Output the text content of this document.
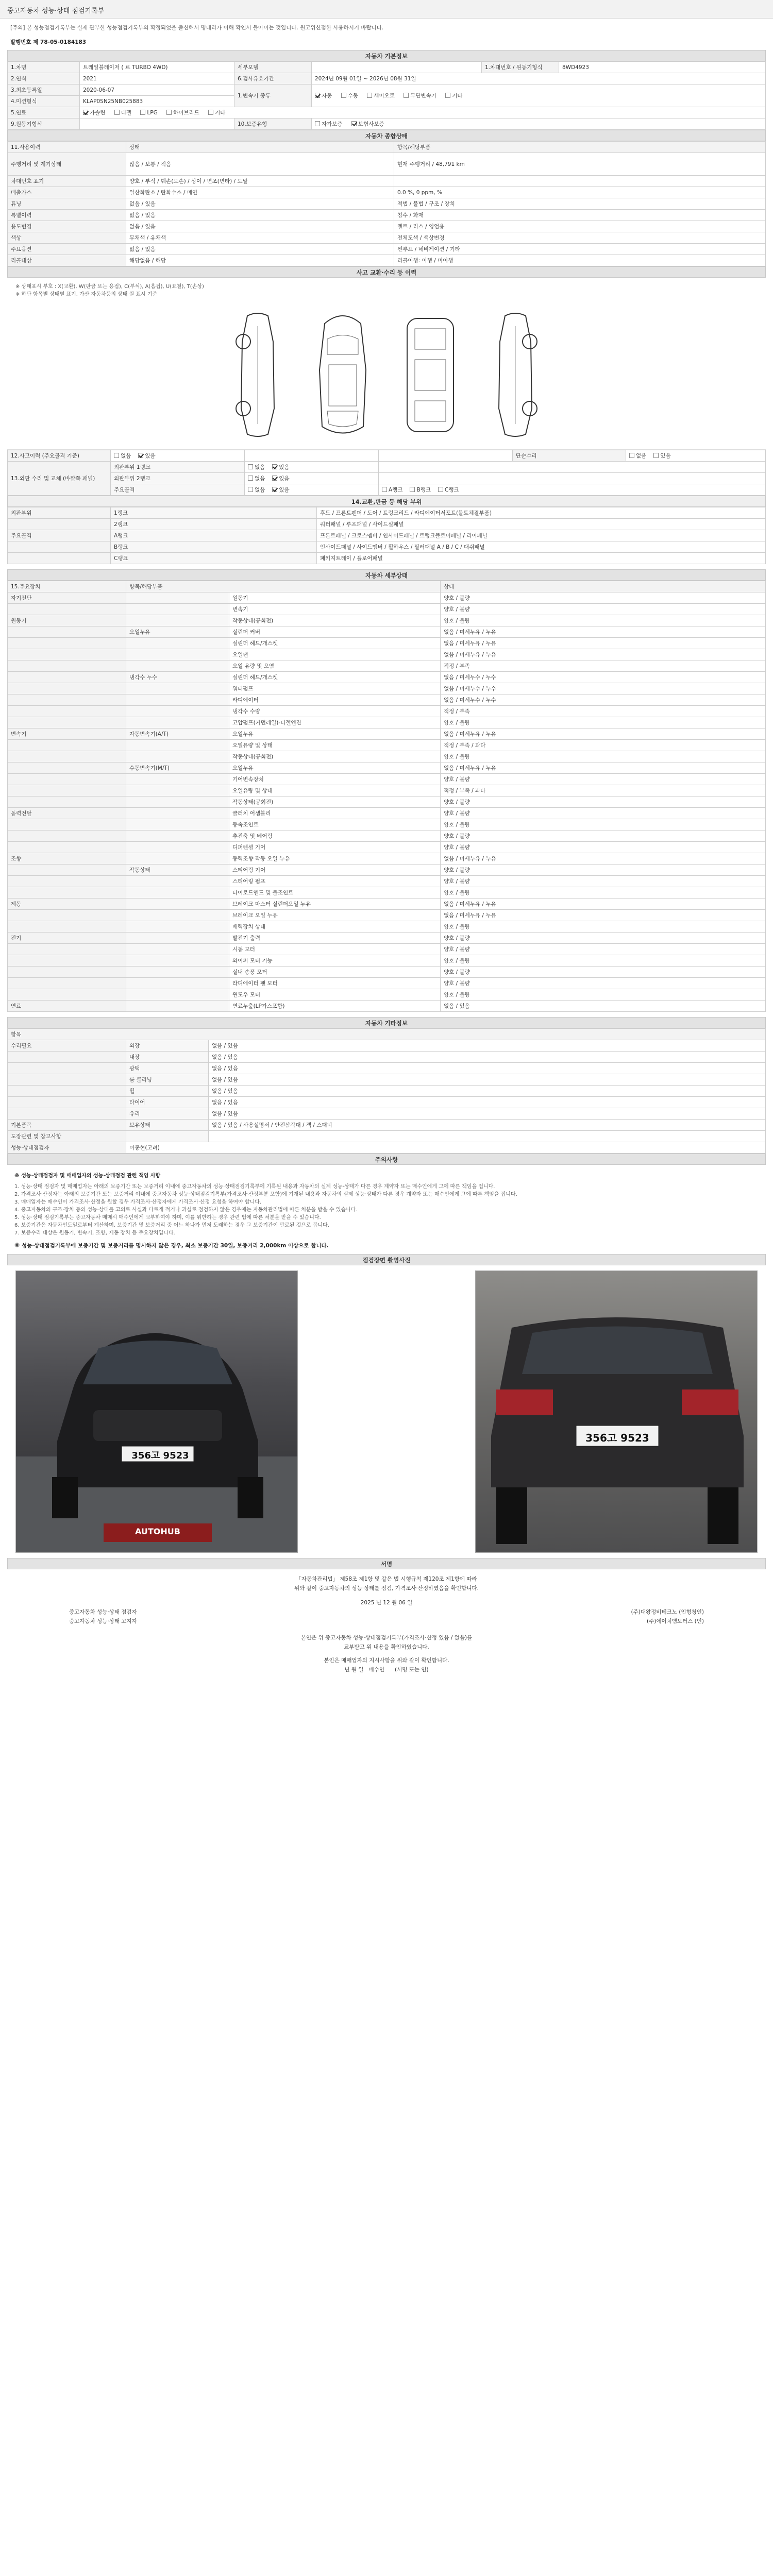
중고자동차 성능·상태 점검기록부
[주의] 본 성능점검기록부는 실제 관부한 성능점검기록부의 확정되었을 출신해서 명대리가 이해 확인서 돌아이는 것입니다. 원고위신점한 사용하시기 바랍니다.
발행번호 제 78-05-0184183
자동차 기본정보
1.차명	트레일블레이저 ( 르 TURBO 4WD)	세부모델		1.차대번호 / 원동기형식	8WD4923
2.연식	2021	6.검사유효기간	2024년 09월 01일 ~ 2026년 08월 31일		
3.최초등록일	2020-06-07	1.변속기 종류	자동 수동 세미오토 무단변속기 기타		
4.미션형식	KLAP0SN25NB025883				
5.연료	가솔린 디젤 LPG 하이브리드 기타				
9.원동기형식		10.보증유형	자가보증 보험사보증		
자동차 종합상태
11.사용이력	상태	항목/해당부품
주행거리 및 계기상태	많음 / 보통 / 적음	현재 주행거리 / 48,791 km
차대번호 표기	양호 / 부식 / 훼손(오손) / 상이 / 변조(변타) / 도말	
배출가스	일산화탄소 / 탄화수소 / 매연	0.0 %, 0 ppm, %
튜닝	없음 / 있음	적법 / 불법 / 구조 / 장치
특별이력	없음 / 있음	침수 / 화재
용도변경	없음 / 있음	렌트 / 리스 / 영업용
색상	무채색 / 유채색	전체도색 / 색상변경
주요옵션	없음 / 있음	썬루프 / 네비게이션 / 기타
리콜대상	해당없음 / 해당	리콜이행: 이행 / 미이행
사고 교환·수리 등 이력
※ 상태표시 부호 : X(교환), W(판금 또는 용접), C(부식), A(흠집), U(요철), T(손상)
※ 하단 항목별 상태별 표기. 가산 자동차등의 상태 원 표시 기준
12.사고이력 (주요골격 기준)	없음 있음			단순수리	없음 있음
13.외판 수리 및 교체 (바깥쪽 패널)	외판부위 1랭크	없음 있음			
	외판부위 2랭크	없음 있음			
	주요골격	없음 있음	A랭크 B랭크 C랭크		
14.교환,판금 등 해당 부위
외판부위	1랭크	후드 / 프론트펜더 / 도어 / 트렁크리드 / 라디에이터서포트(볼트체결부품)
	2랭크	쿼터패널 / 루프패널 / 사이드실패널
주요골격	A랭크	프론트패널 / 크로스멤버 / 인사이드패널 / 트렁크플로어패널 / 리어패널
	B랭크	인사이드패널 / 사이드멤버 / 휠하우스 / 필러패널 A / B / C / 대쉬패널
	C랭크	패키지트레이 / 플로어패널
자동차 세부상태
15.주요장치	항목/해당부품		상태
자기진단		원동기	양호 / 불량
		변속기	양호 / 불량
원동기		작동상태(공회전)	양호 / 불량
	오일누유	실린더 커버	없음 / 미세누유 / 누유
		실린더 헤드/개스켓	없음 / 미세누유 / 누유
		오일팬	없음 / 미세누유 / 누유
		오일 유량 및 오염	적정 / 부족
	냉각수 누수	실린더 헤드/개스켓	없음 / 미세누수 / 누수
		워터펌프	없음 / 미세누수 / 누수
		라디에이터	없음 / 미세누수 / 누수
		냉각수 수량	적정 / 부족
		고압펌프(커먼레일)-디젤엔진	양호 / 불량
변속기	자동변속기(A/T)	오일누유	없음 / 미세누유 / 누유
		오일유량 및 상태	적정 / 부족 / 과다
		작동상태(공회전)	양호 / 불량
	수동변속기(M/T)	오일누유	없음 / 미세누유 / 누유
		기어변속장치	양호 / 불량
		오일유량 및 상태	적정 / 부족 / 과다
		작동상태(공회전)	양호 / 불량
동력전달		클러치 어셈블리	양호 / 불량
		등속조인트	양호 / 불량
		추진축 및 베어링	양호 / 불량
		디퍼렌셜 기어	양호 / 불량
조향		동력조향 작동 오일 누유	없음 / 미세누유 / 누유
	작동상태	스티어링 기어	양호 / 불량
		스티어링 펌프	양호 / 불량
		타이로드엔드 및 볼조인트	양호 / 불량
제동		브레이크 마스터 실린더오일 누유	없음 / 미세누유 / 누유
		브레이크 오일 누유	없음 / 미세누유 / 누유
		배력장치 상태	양호 / 불량
전기		발전기 출력	양호 / 불량
		시동 모터	양호 / 불량
		와이퍼 모터 기능	양호 / 불량
		실내 송풍 모터	양호 / 불량
		라디에이터 팬 모터	양호 / 불량
		윈도우 모터	양호 / 불량
연료		연료누출(LP가스포함)	없음 / 있음
자동차 기타정보
항목		
수리필요	외장	없음 / 있음
	내장	없음 / 있음
	광택	없음 / 있음
	룸 클리닝	없음 / 있음
	휠	없음 / 있음
	타이어	없음 / 있음
	유리	없음 / 있음
기본품목	보유상태	없음 / 있음 / 사용설명서 / 안전삼각대 / 잭 / 스패너
도장관련 및 참고사항		
성능·상태점검자	이종현(고려)	
주의사항
※ 성능·상태점검자 및 매매업자의 성능·상태점검 관련 책임 사항
1. 성능·상태 점검자 및 매매업자는 아래의 보증기간 또는 보증거리 이내에 중고자동차의 성능·상태점검기록부에 기록된 내용과 자동차의 실제 성능·상태가 다른 경우 계약자 또는 매수인에게 그에 따른 책임을 집니다.
2. 가격조사·산정자는 아래의 보증기간 또는 보증거리 이내에 중고자동차 성능·상태점검기록부(가격조사·산정부분 포함)에 기재된 내용과 자동차의 실제 성능·상태가 다른 경우 계약자 또는 매수인에게 그에 따른 책임을 집니다.
3. 매매업자는 매수인이 가격조사·산정을 원할 경우 가격조사·산정자에게 가격조사·산정 요청을 하여야 합니다.
4. 중고자동차의 구조·장치 등의 성능·상태를 고의로 사실과 다르게 적거나 과실로 점검하지 않은 경우에는 자동차관리법에 따른 처분을 받을 수 있습니다.
5. 성능·상태 점검기록부는 중고자동차 매매시 매수인에게 교부하여야 하며, 이를 위반하는 경우 관련 법에 따른 처분을 받을 수 있습니다.
6. 보증기간은 자동차인도일로부터 계산하며, 보증기간 및 보증거리 중 어느 하나가 먼저 도래하는 경우 그 보증기간이 만료된 것으로 봅니다.
7. 보증수리 대상은 원동기, 변속기, 조향, 제동 장치 등 주요장치입니다.
※ 성능·상태점검기록부에 보증기간 및 보증거리를 명시하지 않은 경우, 최소 보증기간 30일, 보증거리 2,000km 이상으로 합니다.
점검장면 촬영사진
356고 9523
AUTOHUB
356고 9523
서명
「자동차관리법」 제58조 제1항 및 같은 법 시행규칙 제120조 제1항에 따라
위와 같이 중고자동차의 성능·상태를 점검, 가격조사·산정하였음을 확인합니다.
2025 년 12 월 06 일
중고자동차 성능·상태 점검자	(주)대왕정비테크노 (인형청인)
중고자동차 성능·상태 고지자	(주)에이치엠모터스 (인)
본인은 위 중고자동차 성능·상태점검기록부(가격조사·산정 있음 / 없음)를
교부받고 위 내용을 확인하였습니다.
본인은 매매업자의 지시사항을 위와 같이 확인합니다.
년 월 일 매수인 (서명 또는 인)
